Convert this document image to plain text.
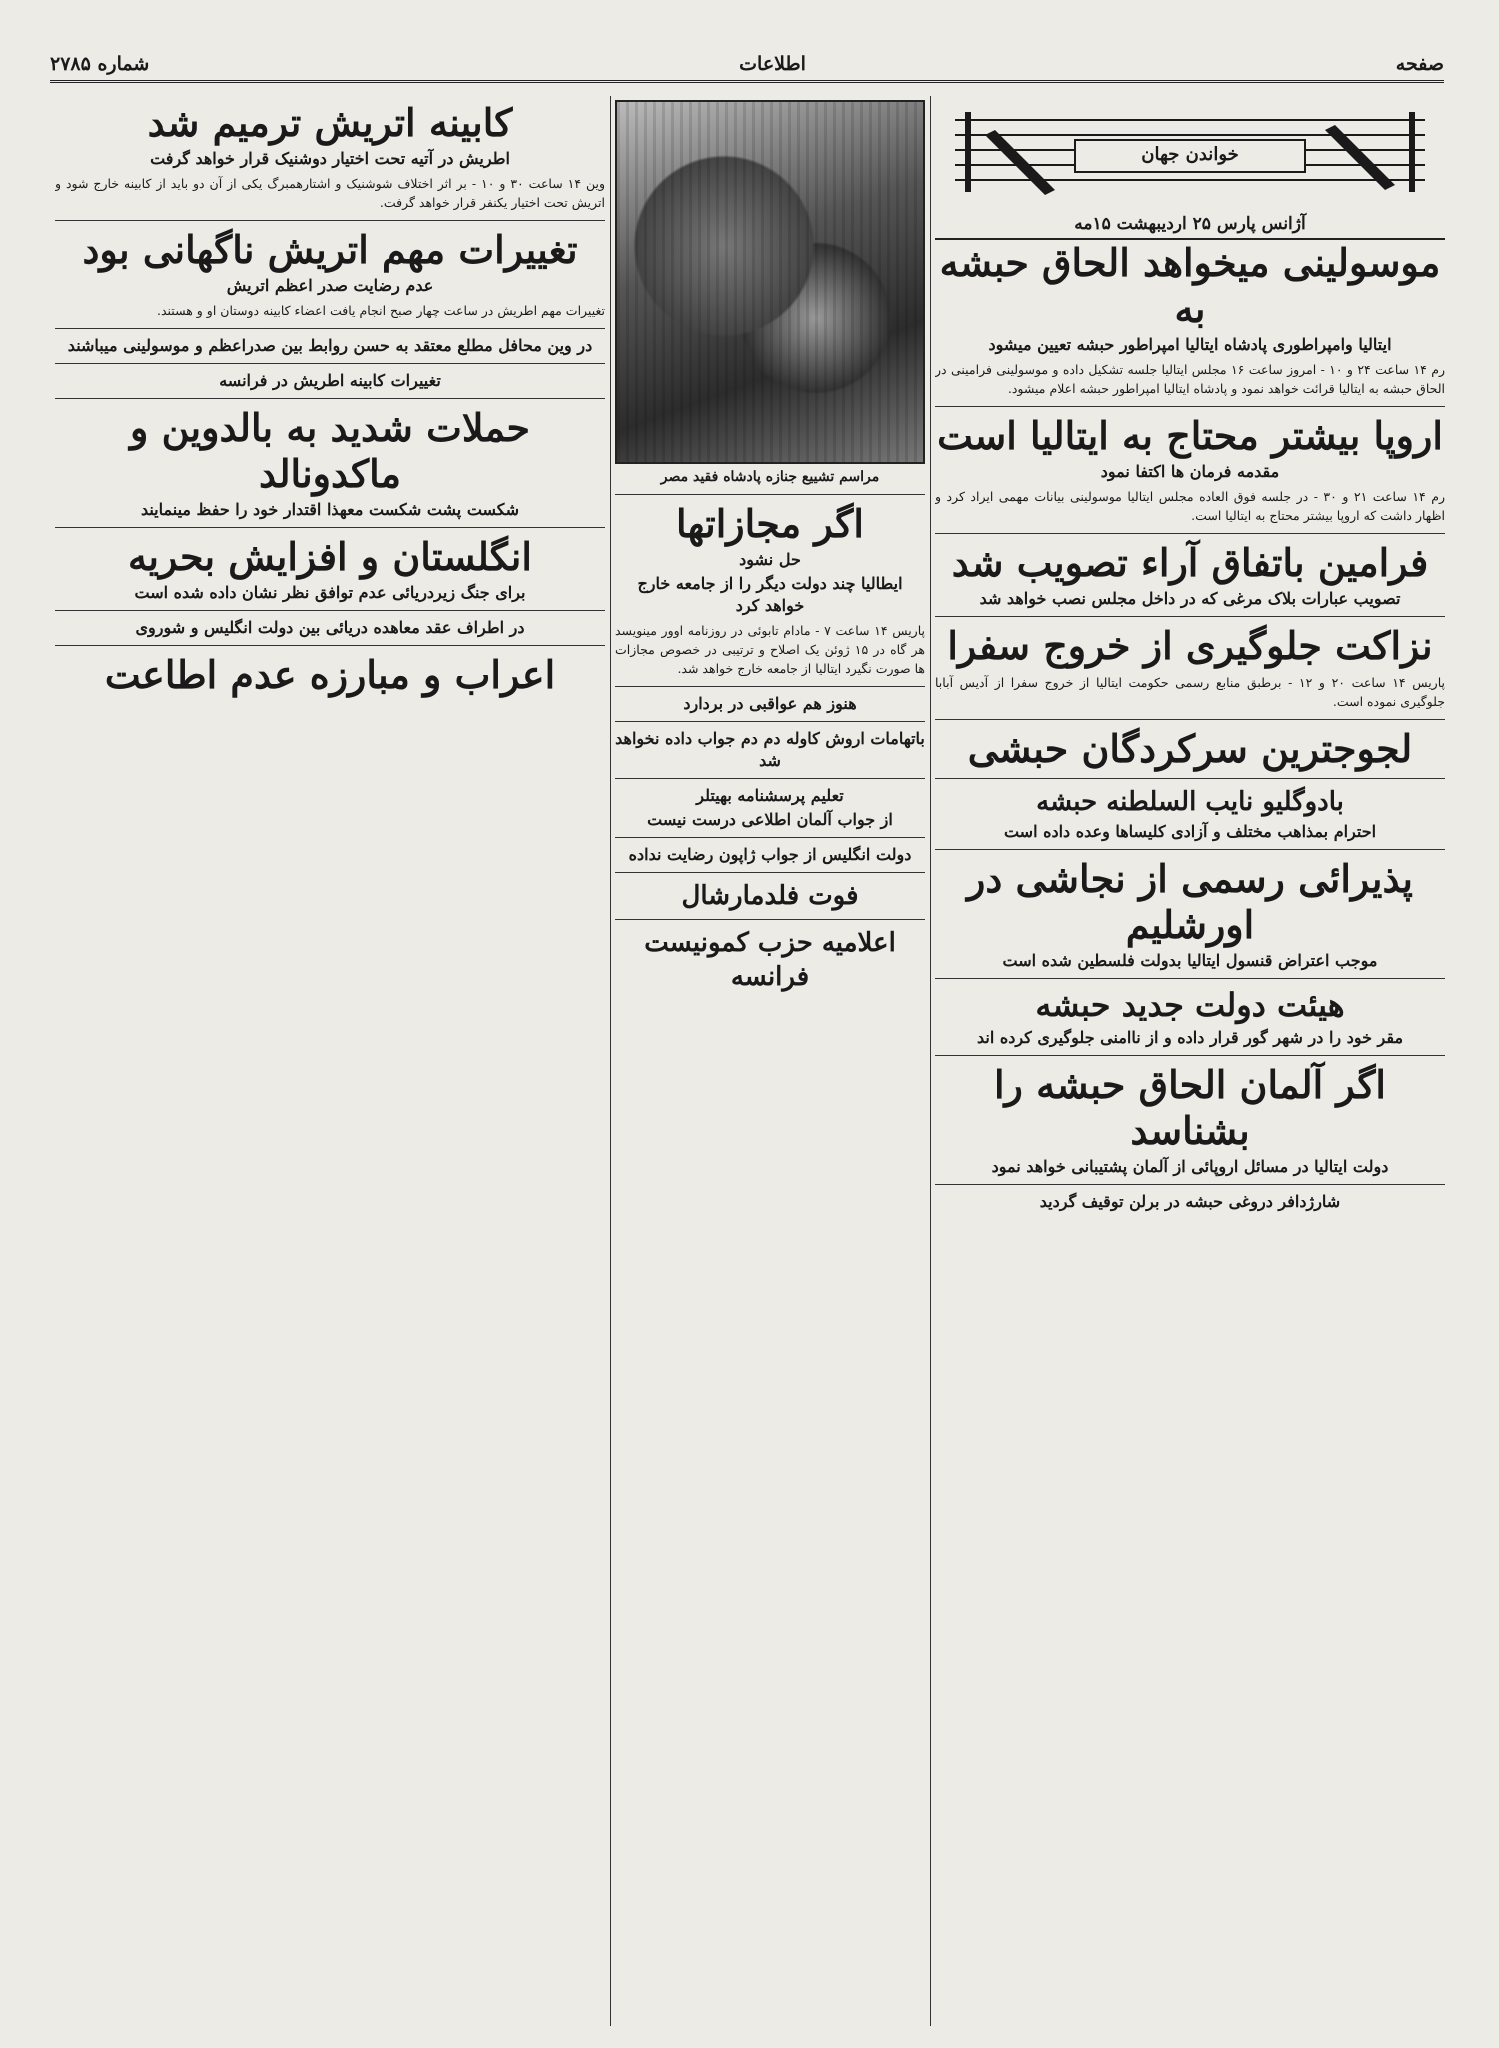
صفحه
اطلاعات
شماره ۲۷۸۵
خواندن جهان
آژانس پارس ۲۵ اردیبهشت ۱۵مه
موسولینی میخواهد الحاق حبشه به
ایتالیا وامپراطوری پادشاه ایتالیا امپراطور حبشه تعیین میشود

رم ۱۴ ساعت ۲۴ و ۱۰ - امروز ساعت ۱۶ مجلس ایتالیا جلسه تشکیل داده و موسولینی فرامینی در الحاق حبشه به ایتالیا قرائت خواهد نمود و پادشاه ایتالیا امپراطور حبشه اعلام میشود.

اروپا بیشتر محتاج به ایتالیا است
مقدمه فرمان ها اکتفا نمود

رم ۱۴ ساعت ۲۱ و ۳۰ - در جلسه فوق العاده مجلس ایتالیا موسولینی بیانات مهمی ایراد کرد و اظهار داشت که اروپا بیشتر محتاج به ایتالیا است.

فرامین باتفاق آراء تصویب شد
تصویب عبارات بلاک مرغی که در داخل مجلس نصب خواهد شد
نزاکت جلوگیری از خروج سفرا

پاریس ۱۴ ساعت ۲۰ و ۱۲ - برطبق منابع رسمی حکومت ایتالیا از خروج سفرا از آدیس آبابا جلوگیری نموده است.

لجوجترین سرکردگان حبشی
بادوگلیو نایب السلطنه حبشه
احترام بمذاهب مختلف و آزادی کلیساها وعده داده است
پذیرائی رسمی از نجاشی در اورشلیم
موجب اعتراض قنسول ایتالیا بدولت فلسطین شده است
هیئت دولت جدید حبشه
مقر خود را در شهر گور قرار داده و از ناامنی جلوگیری کرده اند
اگر آلمان الحاق حبشه را بشناسد
دولت ایتالیا در مسائل اروپائی از آلمان پشتیبانی خواهد نمود
شارژدافر دروغی حبشه در برلن توقیف گردید
مراسم تشییع جنازه پادشاه فقید مصر
اگر مجازاتها
حل نشود
ایطالیا چند دولت دیگر را از جامعه خارج خواهد کرد

پاریس ۱۴ ساعت ۷ - مادام تابوئی در روزنامه اوور مینویسد هر گاه در ۱۵ ژوئن یک اصلاح و ترتیبی در خصوص مجازات ها صورت نگیرد ایتالیا از جامعه خارج خواهد شد.

هنوز هم عواقبی در بردارد
باتهامات اروش کاوله دم دم جواب داده نخواهد شد
تعلیم پرسشنامه بهیتلر
از جواب آلمان اطلاعی درست نیست
دولت انگلیس از جواب ژاپون رضایت نداده
فوت فلدمارشال
اعلامیه حزب کمونیست فرانسه
کابینه اتریش ترمیم شد
اطریش در آتیه تحت اختیار دوشنیک قرار خواهد گرفت

وین ۱۴ ساعت ۳۰ و ۱۰ - بر اثر اختلاف شوشنیک و اشتارهمبرگ یکی از آن دو باید از کابینه خارج شود و اتریش تحت اختیار یکنفر قرار خواهد گرفت.

تغییرات مهم اتریش ناگهانی بود
عدم رضایت صدر اعظم اتریش

تغییرات مهم اطریش در ساعت چهار صبح انجام یافت اعضاء کابینه دوستان او و هستند.

در وین محافل مطلع معتقد به حسن روابط بین صدراعظم و موسولینی میباشند
تغییرات کابینه اطریش در فرانسه
حملات شدید به بالدوین و ماکدونالد
شکست پشت شکست معهذا اقتدار خود را حفظ مینمایند
انگلستان و افزایش بحریه
برای جنگ زیردریائی عدم توافق نظر نشان داده شده است
در اطراف عقد معاهده دریائی بین دولت انگلیس و شوروی
اعراب و مبارزه عدم اطاعت
